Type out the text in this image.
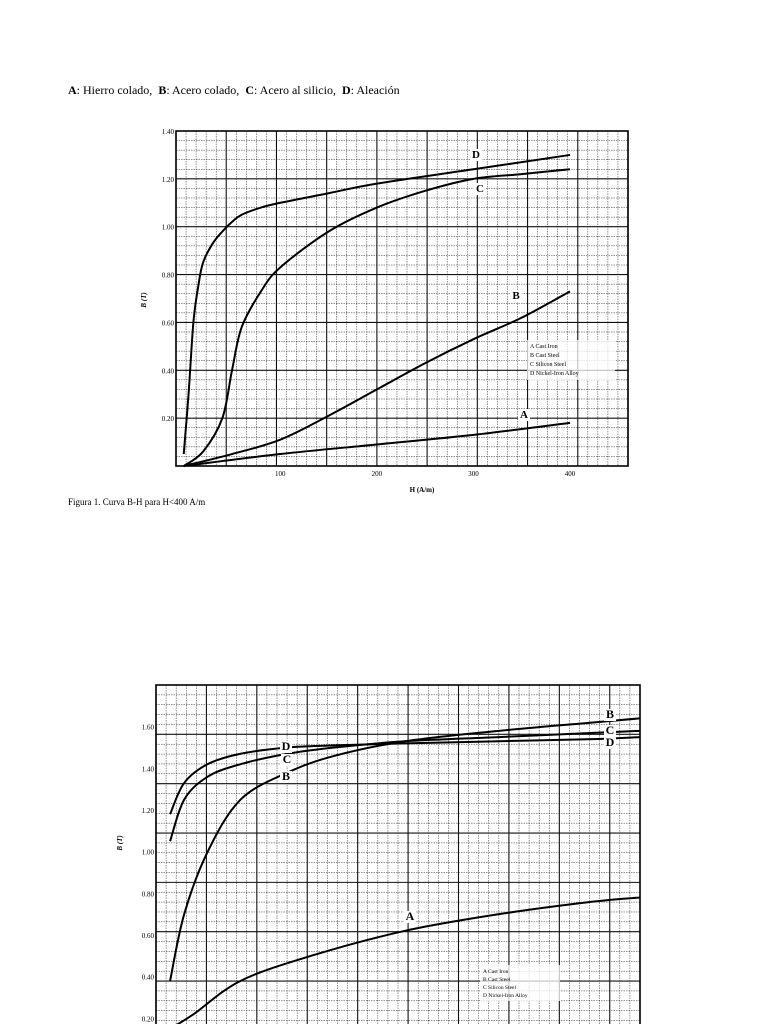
A: Hierro colado, B: Acero colado, C: Acero al silicio, D: Aleación
0.20
0.40
0.60
0.80
1.00
1.20
1.40
100	200	300	400
B (T)
H (A/m)
D
C
B
A
A Cast Iron
B Cast Steel
C Silicon Steel
D Nickel-Iron Alloy
Figura 1. Curva B-H para H<400 A/m
0.20
0.40
0.60
0.80
1.00
1.20
1.40
1.60
B (T)
B
C
D
D
C
B
A
A Cast Iron
B Cast Steel
C Silicon Steel
D Nickel-Iron Alloy
